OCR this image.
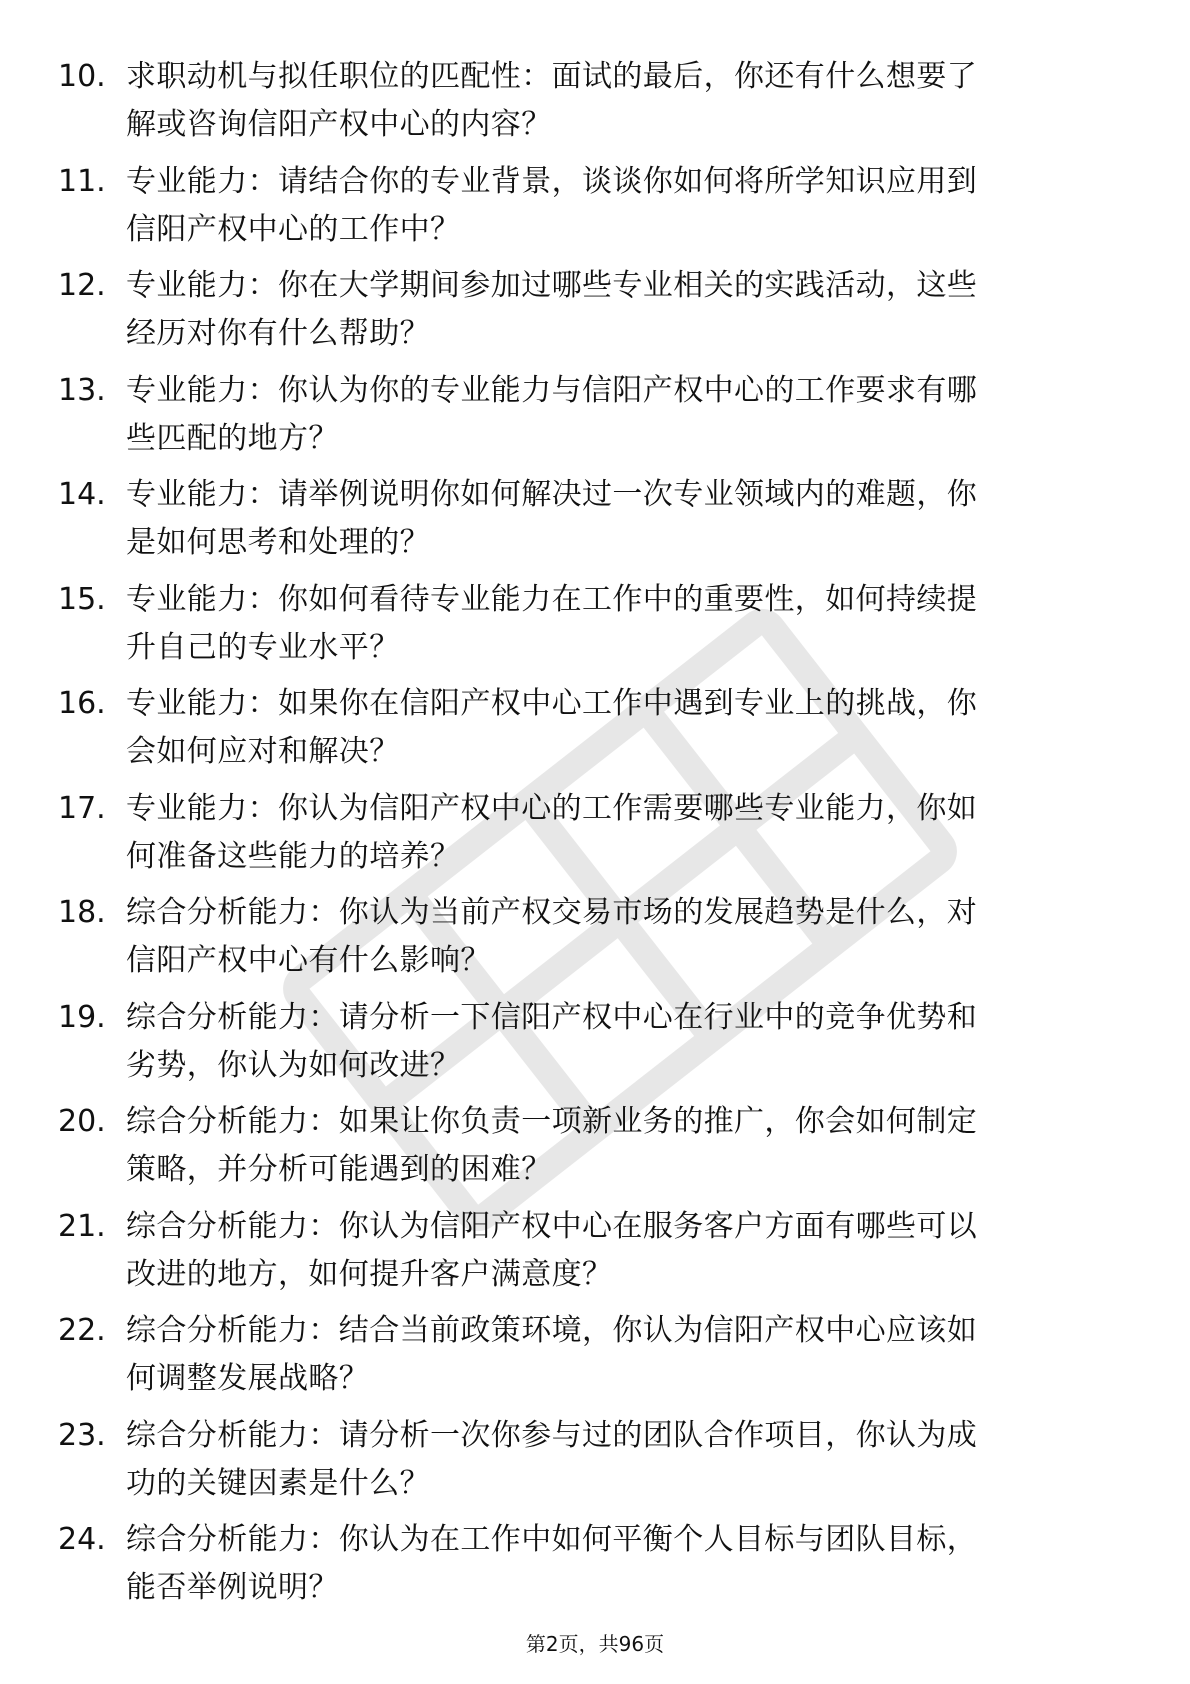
10. 求职动机与拟任职位的匹配性：面试的最后，你还有什么想要了
解或咨询信阳产权中心的内容？
11. 专业能力：请结合你的专业背景，谈谈你如何将所学知识应用到
信阳产权中心的工作中？
12. 专业能力：你在大学期间参加过哪些专业相关的实践活动，这些
经历对你有什么帮助？
13. 专业能力：你认为你的专业能力与信阳产权中心的工作要求有哪
些匹配的地方？
14. 专业能力：请举例说明你如何解决过一次专业领域内的难题，你
是如何思考和处理的？
15. 专业能力：你如何看待专业能力在工作中的重要性，如何持续提
升自己的专业水平？
16. 专业能力：如果你在信阳产权中心工作中遇到专业上的挑战，你
会如何应对和解决？
17. 专业能力：你认为信阳产权中心的工作需要哪些专业能力，你如
何准备这些能力的培养？
18. 综合分析能力：你认为当前产权交易市场的发展趋势是什么，对
信阳产权中心有什么影响？
19. 综合分析能力：请分析一下信阳产权中心在行业中的竞争优势和
劣势，你认为如何改进？
20. 综合分析能力：如果让你负责一项新业务的推广，你会如何制定
策略，并分析可能遇到的困难？
21. 综合分析能力：你认为信阳产权中心在服务客户方面有哪些可以
改进的地方，如何提升客户满意度？
22. 综合分析能力：结合当前政策环境，你认为信阳产权中心应该如
何调整发展战略？
23. 综合分析能力：请分析一次你参与过的团队合作项目，你认为成
功的关键因素是什么？
24. 综合分析能力：你认为在工作中如何平衡个人目标与团队目标，
能否举例说明？
第2页，共96页
